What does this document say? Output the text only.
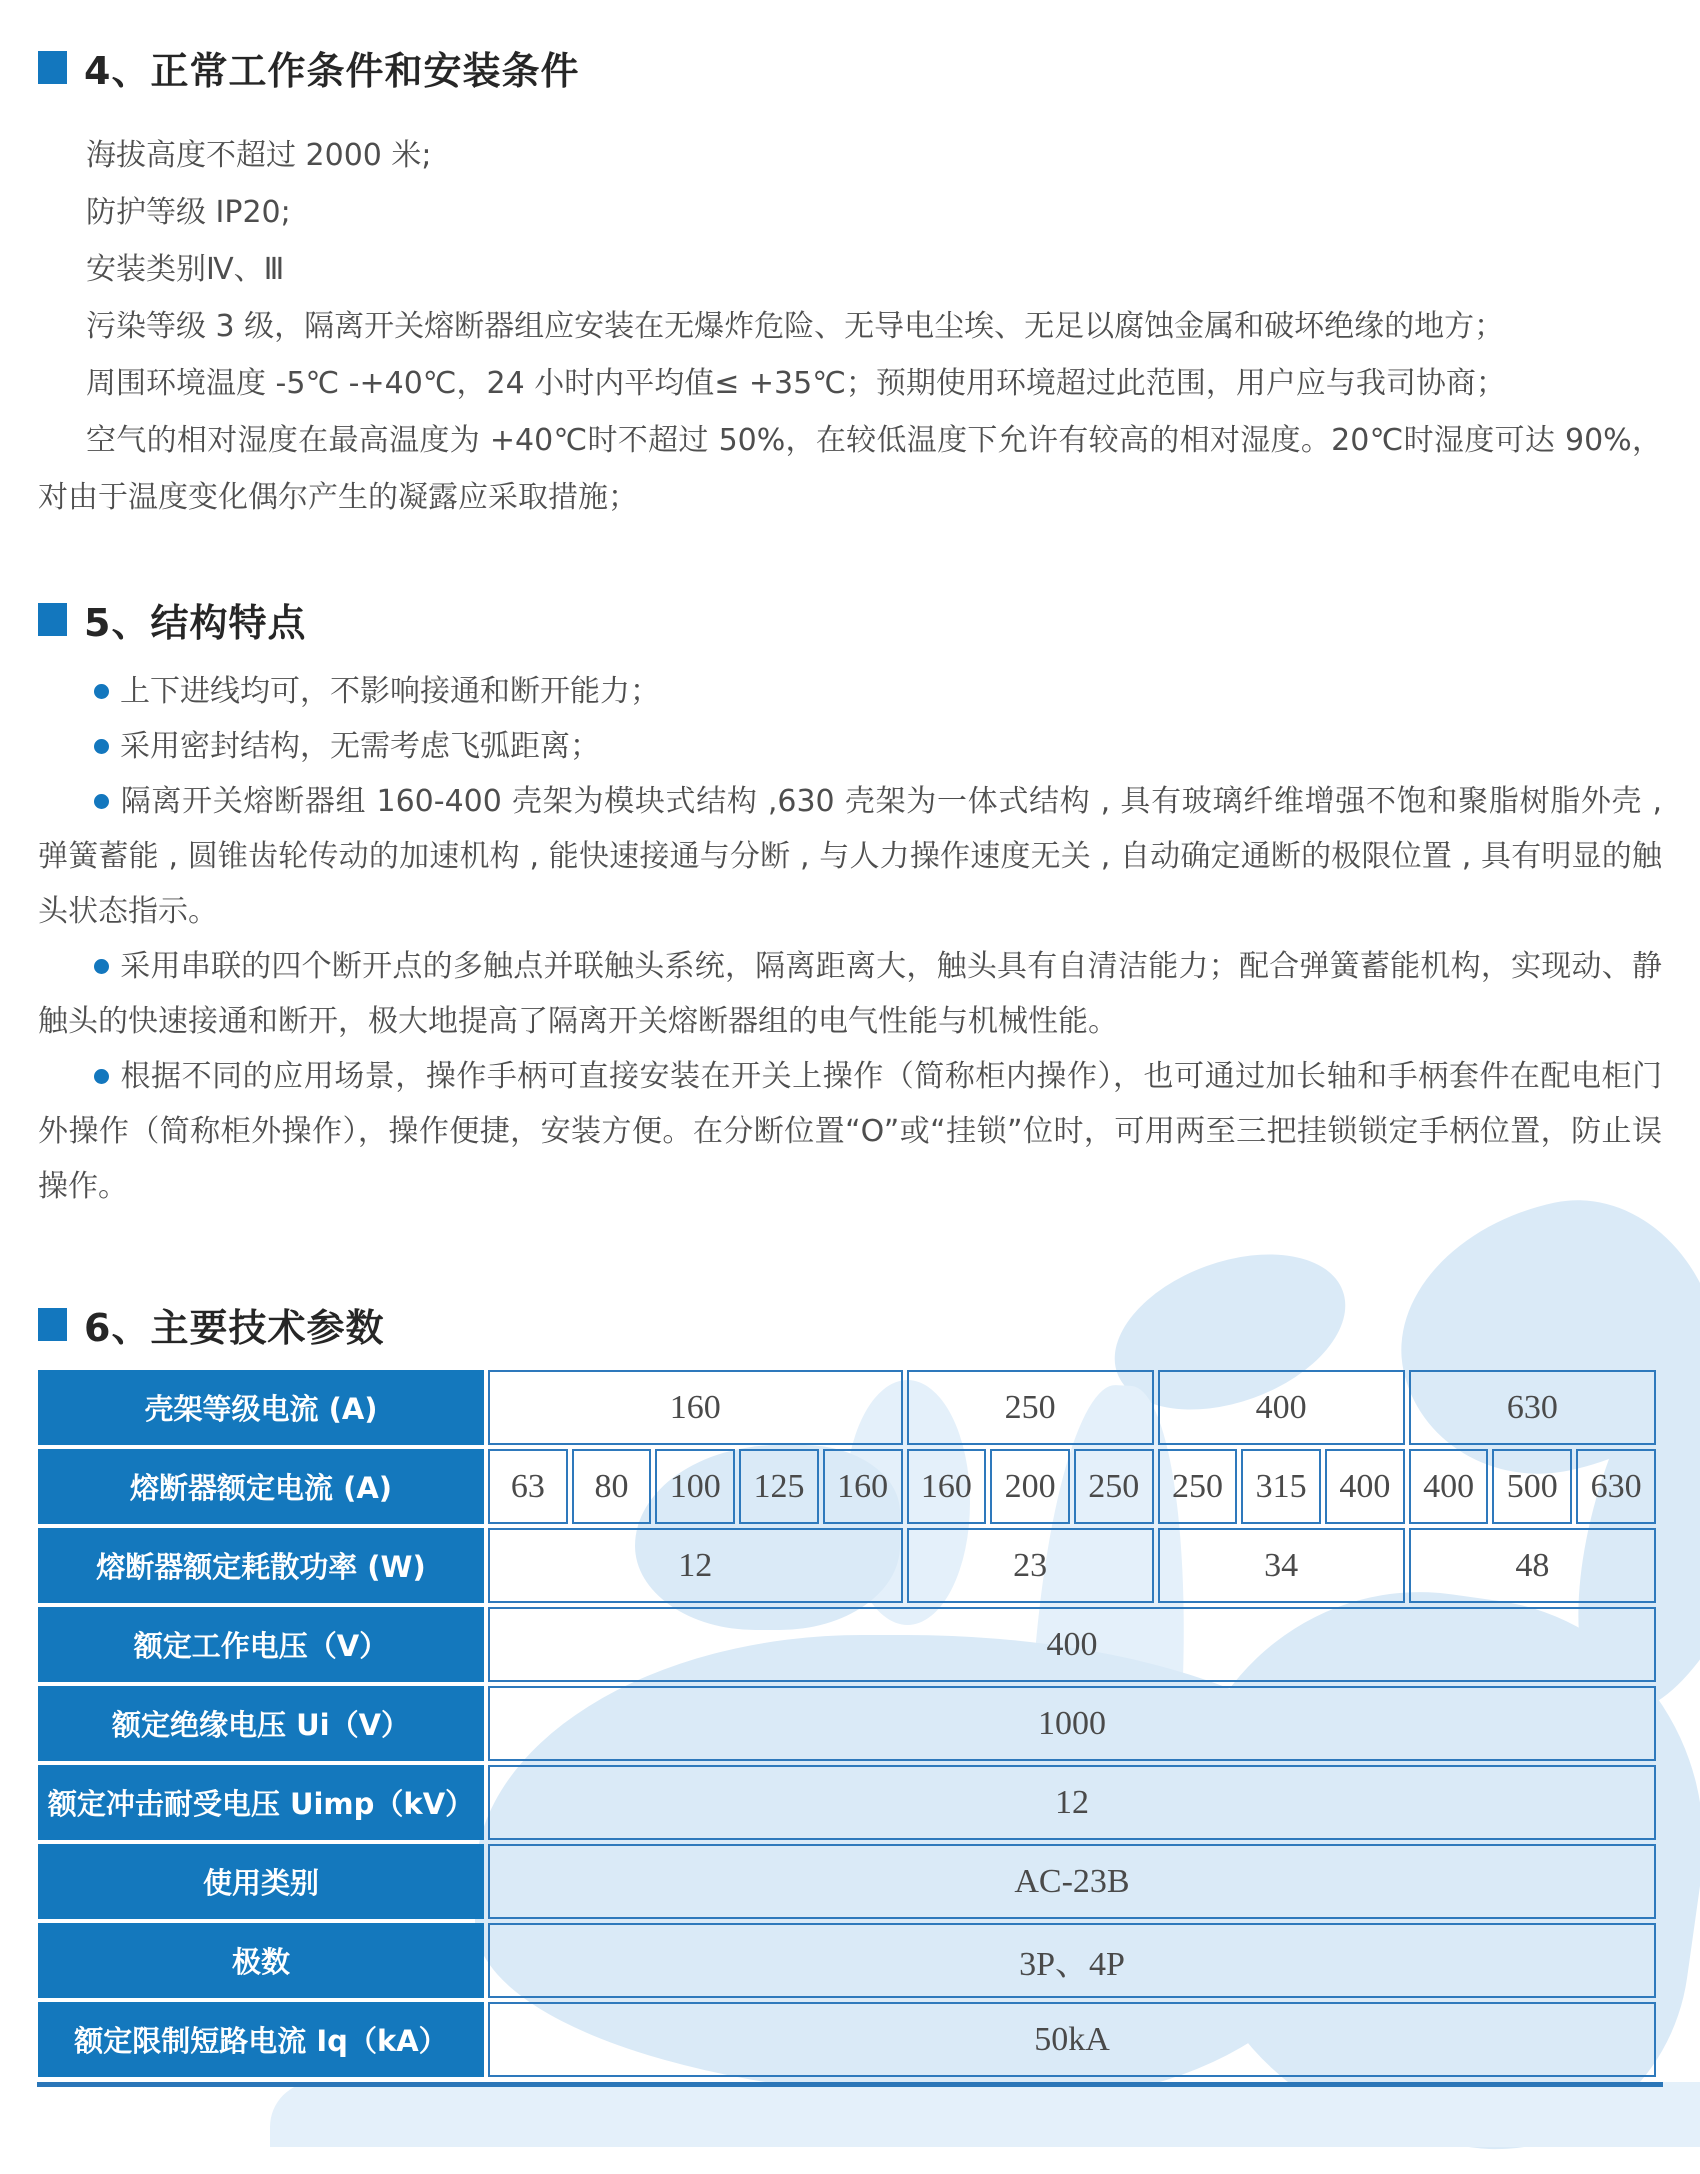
4、正常工作条件和安装条件

海拔高度不超过 2000 米;

防护等级 IP20;

安装类别Ⅳ、Ⅲ

污染等级 3 级，隔离开关熔断器组应安装在无爆炸危险、无导电尘埃、无足以腐蚀金属和破坏绝缘的地方；

周围环境温度 -5℃ -+40℃，24 小时内平均值≤ +35℃；预期使用环境超过此范围，用户应与我司协商；

空气的相对湿度在最高温度为 +40℃时不超过 50%，在较低温度下允许有较高的相对湿度。20℃时湿度可达 90%，对由于温度变化偶尔产生的凝露应采取措施；

5、结构特点

上下进线均可，不影响接通和断开能力；

采用密封结构，无需考虑飞弧距离；

隔离开关熔断器组 160-400 壳架为模块式结构 ,630 壳架为一体式结构 , 具有玻璃纤维增强不饱和聚脂树脂外壳 , 弹簧蓄能 , 圆锥齿轮传动的加速机构 , 能快速接通与分断 , 与人力操作速度无关 , 自动确定通断的极限位置 , 具有明显的触头状态指示。

采用串联的四个断开点的多触点并联触头系统，隔离距离大，触头具有自清洁能力；配合弹簧蓄能机构，实现动、静触头的快速接通和断开，极大地提高了隔离开关熔断器组的电气性能与机械性能。

根据不同的应用场景，操作手柄可直接安装在开关上操作（简称柜内操作），也可通过加长轴和手柄套件在配电柜门外操作（简称柜外操作），操作便捷，安装方便。在分断位置“O”或“挂锁”位时，可用两至三把挂锁锁定手柄位置，防止误操作。

6、主要技术参数
壳架等级电流 (A)	160					250			400			630		
熔断器额定电流 (A)	63	80	100	125	160	160	200	250	250	315	400	400	500	630
熔断器额定耗散功率 (W)	12					23			34			48		
额定工作电压（V）	400													
额定绝缘电压 Ui（V）	1000													
额定冲击耐受电压 Uimp（kV）	12													
使用类别	AC-23B													
极数	3P、4P													
额定限制短路电流 Iq（kA）	50kA													
